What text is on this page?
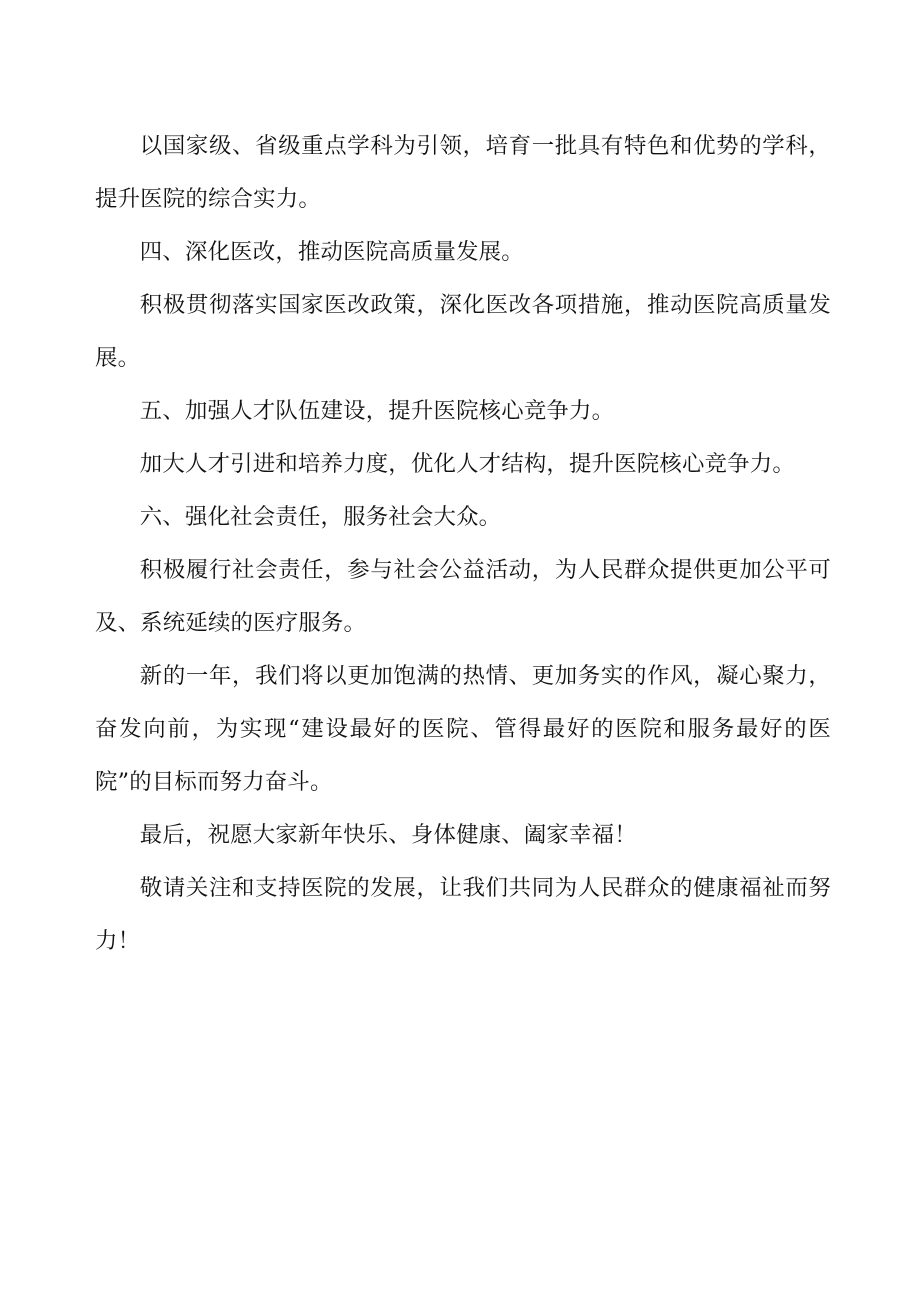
以国家级、省级重点学科为引领，培育一批具有特色和优势的学科，提升医院的综合实力。

四、深化医改，推动医院高质量发展。

积极贯彻落实国家医改政策，深化医改各项措施，推动医院高质量发展。

五、加强人才队伍建设，提升医院核心竞争力。

加大人才引进和培养力度，优化人才结构，提升医院核心竞争力。

六、强化社会责任，服务社会大众。

积极履行社会责任，参与社会公益活动，为人民群众提供更加公平可及、系统延续的医疗服务。

新的一年，我们将以更加饱满的热情、更加务实的作风，凝心聚力，奋发向前，为实现“建设最好的医院、管得最好的医院和服务最好的医院”的目标而努力奋斗。

最后，祝愿大家新年快乐、身体健康、阖家幸福！

敬请关注和支持医院的发展，让我们共同为人民群众的健康福祉而努力！
